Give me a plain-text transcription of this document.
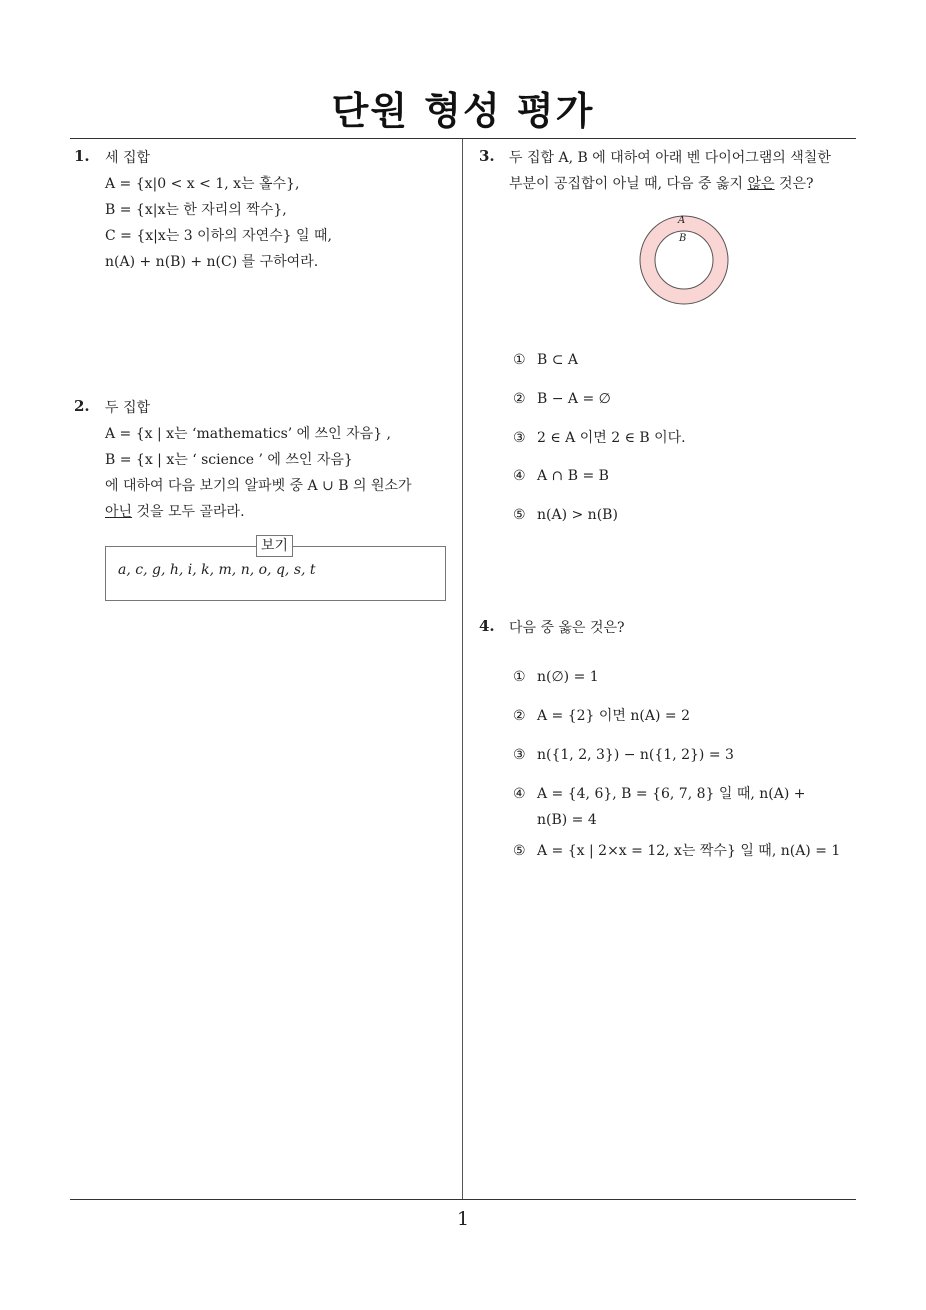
단원 형성 평가
1
1. 세 집합
A = {x|0 < x < 1, x는 홀수},
B = {x|x는 한 자리의 짝수},
C = {x|x는 3 이하의 자연수} 일 때,
n(A) + n(B) + n(C) 를 구하여라.
2. 두 집합
A = {x | x는 ‘mathematics’ 에 쓰인 자음} ,
B = {x | x는 ‘ science ’ 에 쓰인 자음}
에 대하여 다음 보기의 알파벳 중 A ∪ B 의 원소가
아닌 것을 모두 골라라.
보기
a, c, g, h, i, k, m, n, o, q, s, t
3. 두 집합 A, B 에 대하여 아래 벤 다이어그램의 색칠한
부분이 공집합이 아닐 때, 다음 중 옳지 않은 것은?
A
B
① B ⊂ A
② B − A = ∅
③ 2 ∈ A 이면 2 ∈ B 이다.
④ A ∩ B = B
⑤ n(A) > n(B)
4. 다음 중 옳은 것은?
① n(∅) = 1
② A = {2} 이면 n(A) = 2
③ n({1, 2, 3}) − n({1, 2}) = 3
④ A = {4, 6}, B = {6, 7, 8} 일 때, n(A) +
n(B) = 4
⑤ A = {x | 2×x = 12, x는 짝수} 일 때, n(A) = 1
